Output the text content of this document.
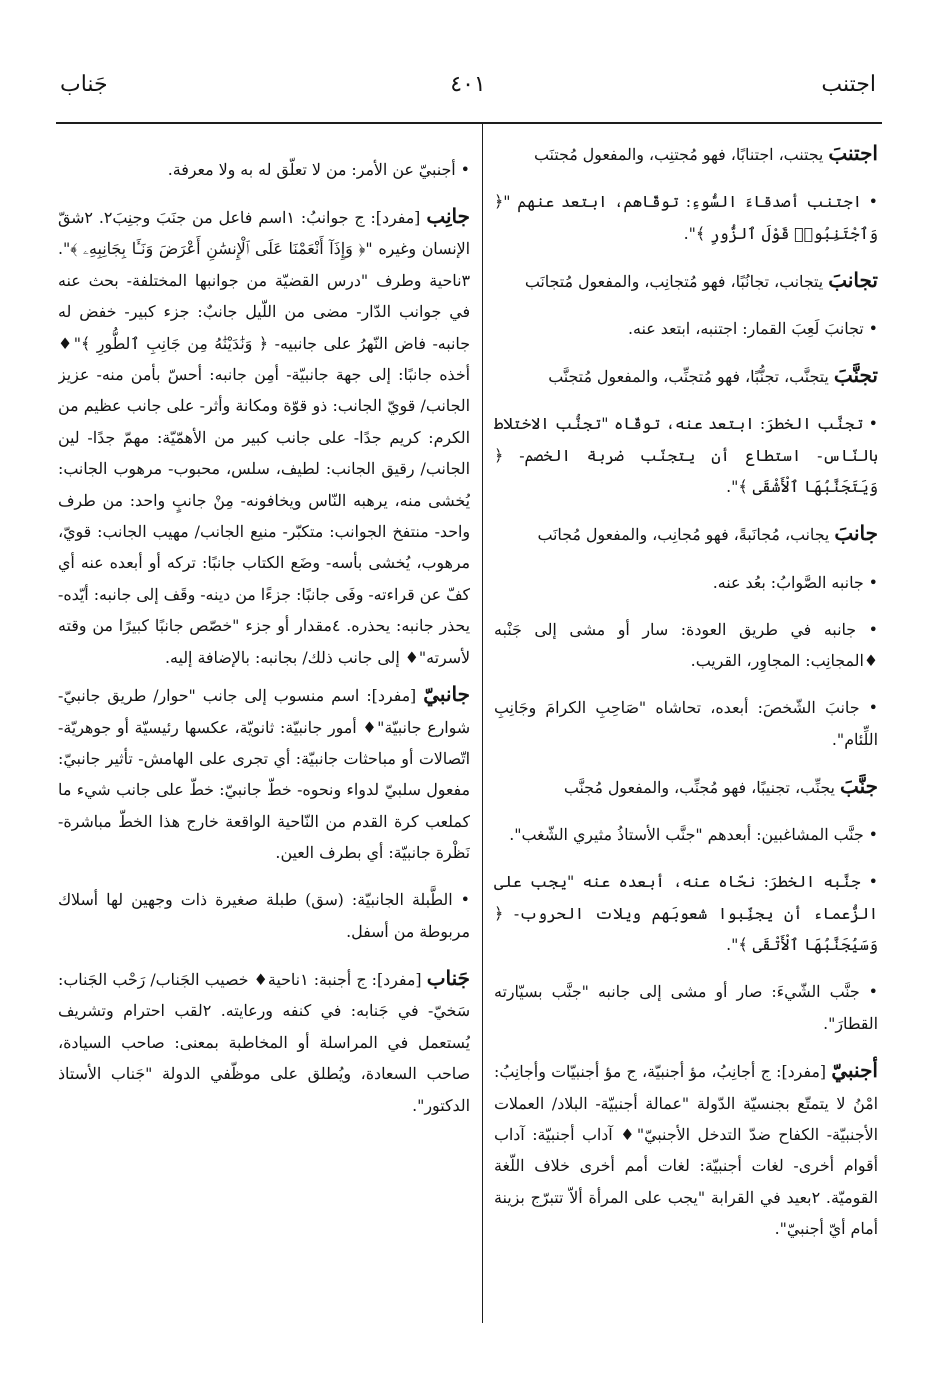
اجتنب
٤٠١
جَناب

اجتنبَ يجتنب، اجتنابًا، فهو مُجتنِب، والمفعول مُجتنَب

• اجتنب أصدقاءَ السُّوءِ: توقّاهم، ابتعد عنهم "﴿ وَٱجْتَنِبُوا۟ قَوْلَ ٱلزُّورِ ﴾".

تجانبَ يتجانب، تجانُبًا، فهو مُتجانِب، والمفعول مُتجانَب

• تجانبَ لَعِبَ القمار: اجتنبه، ابتعد عنه.

تجنَّبَ يتجنَّب، تجنُّبًا، فهو مُتجنِّب، والمفعول مُتجنَّب

• تجنَّب الخطرَ: ابتعد عنه، توقّاه "تجنُّب الاختلاط بالنّاس- استطاع أن يتجنّب ضربة الخصم- ﴿ وَيَتَجَنَّبُهَا ٱلْأَشْقَى ﴾".

جانبَ يجانب، مُجانَبةً، فهو مُجانِب، والمفعول مُجانَب

• جانبه الصَّوابُ: بعُد عنه.

• جانبه في طريق العودة: سار أو مشى إلى جَنْبه ♦المجانِب: المجاوِر، القريب.

• جانبَ الشّخصَ: أبعده، تحاشاه "صَاحِبِ الكرامَ وجَانِبِ اللِّئام".

جنَّبَ يجنِّب، تجنيبًا، فهو مُجنِّب، والمفعول مُجنَّب

• جنَّب المشاغبين: أبعدهم "جنَّب الأستاذُ مثيري الشّغب".

• جنَّبه الخطرَ: نحّاه عنه، أبعده عنه "يجب على الزُّعماء أن يجنِّبوا شعوبَهم ويلات الحروب- ﴿ وَسَيُجَنَّبُهَا ٱلْأَتْقَى ﴾".

• جنَّب الشّيءَ: صار أو مشى إلى جانبه "جنَّب بسيّارته القطارَ".

أجنبيّ [مفرد]: ج أجانِبُ، مؤ أجنبيّة، ج مؤ أجنبيّات وأجانِبُ: امْنُ لا يتمتّع بجنسيّة الدّولة "عمالة أجنبيّة- البلاد/ العملات الأجنبيّة- الكفاح ضدّ التدخل الأجنبيّ"♦ آداب أجنبيّة: آداب أقوام أخرى- لغات أجنبيّة: لغات أمم أخرى خلاف اللّغة القوميّة. ٢بعيد في القرابة "يجب على المرأة ألاّ تتبرّج بزينة أمام أيّ أجنبيّ".

• أجنبيّ عن الأمر: من لا تعلّق له به ولا معرفة.

جانِب [مفرد]: ج جوانبُ: ١اسم فاعل من جنَبَ وجنِبَ٢. ٢شقّ الإنسان وغيره "﴿ وَإِذَآ أَنْعَمْنَا عَلَى ٱلْإِنسَٰنِ أَعْرَضَ وَنَـَٔا بِجَانِبِهِۦ ﴾". ٣ناحية وطرف "درس القضيّة من جوانبها المختلفة- بحث عنه في جوانب الدّار- مضى من اللّيل جانبٌ: جزء كبير- خفض له جانبه- فاض النّهرُ على جانبيه- ﴿ وَنَٰدَيْنَٰهُ مِن جَانِبِ ٱلطُّورِ ﴾"♦ أخذه جانبًا: إلى جهة جانبيّة- أمِن جانبه: أحسّ بأمن منه- عزيز الجانب/ قويّ الجانب: ذو قوّة ومكانة وأثر- على جانب عظيم من الكرم: كريم جدًا- على جانب كبير من الأهمّيّة: مهمّ جدًا- لين الجانب/ رقيق الجانب: لطيف، سلس، محبوب- مرهوب الجانب: يُخشى منه، يرهبه النّاس ويخافونه- مِنْ جانبٍ واحد: من طرف واحد- منتفخ الجوانب: متكبّر- منيع الجانب/ مهيب الجانب: قويّ، مرهوب، يُخشى بأسه- وضَع الكتاب جانبًا: تركه أو أبعده عنه أي كفّ عن قراءته- وفَى جانبًا: جزءًا من دينه- وقَف إلى جانبه: أيّده- يحذر جانبه: يحذره. ٤مقدار أو جزء "خصّص جانبًا كبيرًا من وقته لأسرته"♦ إلى جانب ذلك/ بجانبه: بالإضافة إليه.

جانبيّ [مفرد]: اسم منسوب إلى جانب "حوار/ طريق جانبيّ- شوارع جانبيّة"♦ أمور جانبيّة: ثانويّة، عكسها رئيسيّة أو جوهريّة- اتّصالات أو مباحثات جانبيّة: أي تجرى على الهامش- تأثير جانبيّ: مفعول سلبيّ لدواء ونحوه- خطّ جانبيّ: خطّ على جانب شيء ما كملعب كرة القدم من النّاحية الواقعة خارج هذا الخطّ مباشرة- نَظْرة جانبيّة: أي بطرف العين.

• الطَّبلة الجانبيّة: (سق) طبلة صغيرة ذات وجهين لها أسلاك مربوطة من أسفل.

جَناب [مفرد]: ج أجنبة: ١ناحية♦ خصيب الجَناب/ رَحْب الجَناب: سَخيّ- في جَنابه: في كنفه ورعايته. ٢لقب احترام وتشريف يُستعمل في المراسلة أو المخاطبة بمعنى: صاحب السيادة، صاحب السعادة، ويُطلق على موظّفي الدولة "جَناب الأستاذ الدكتور".
